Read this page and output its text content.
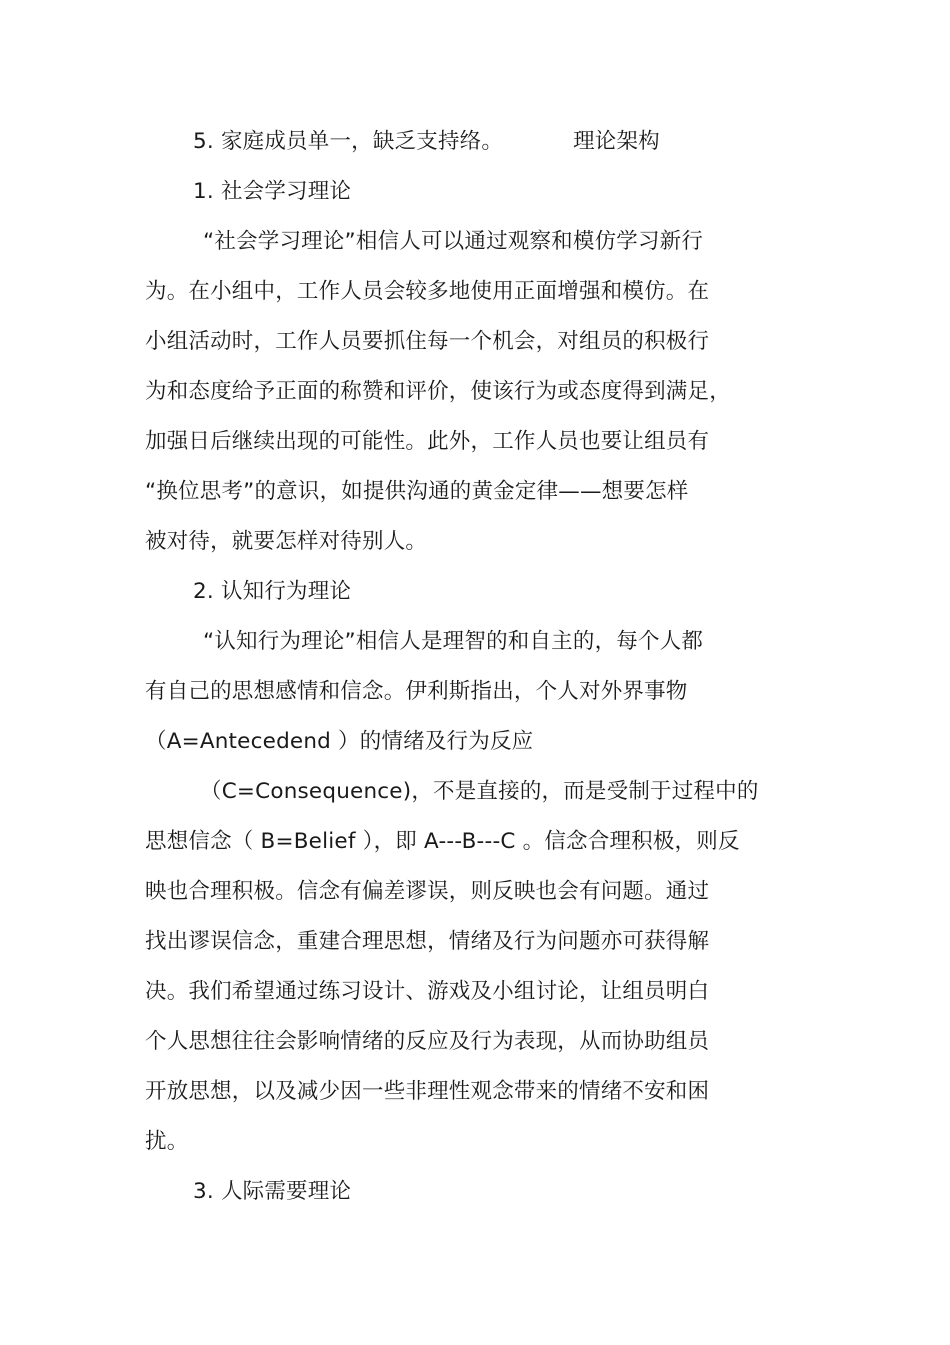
5. 家庭成员单一，缺乏支持络。	理论架构
1. 社会学习理论
“社会学习理论”相信人可以通过观察和模仿学习新行
为。在小组中，工作人员会较多地使用正面增强和模仿。在
小组活动时，工作人员要抓住每一个机会，对组员的积极行
为和态度给予正面的称赞和评价，使该行为或态度得到满足，
加强日后继续出现的可能性。此外，工作人员也要让组员有
“换位思考”的意识，如提供沟通的黄金定律——想要怎样
被对待，就要怎样对待别人。
2. 认知行为理论
“认知行为理论”相信人是理智的和自主的，每个人都
有自己的思想感情和信念。伊利斯指出，个人对外界事物
（A=Antecedend ）的情绪及行为反应
（C=Consequence)，不是直接的，而是受制于过程中的
思想信念（ B=Belief ），即 A---B---C 。信念合理积极，则反
映也合理积极。信念有偏差谬误，则反映也会有问题。通过
找出谬误信念，重建合理思想，情绪及行为问题亦可获得解
决。我们希望通过练习设计、游戏及小组讨论，让组员明白
个人思想往往会影响情绪的反应及行为表现，从而协助组员
开放思想，以及减少因一些非理性观念带来的情绪不安和困
扰。
3. 人际需要理论
